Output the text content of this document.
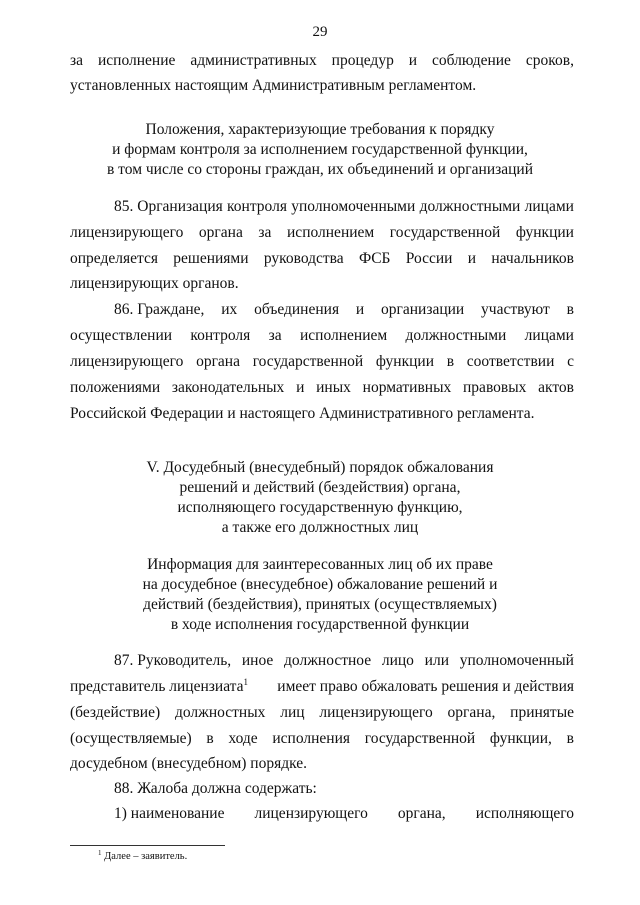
29
за исполнение административных процедур и соблюдение сроков,
установленных настоящим Административным регламентом.
Положения, характеризующие требования к порядку
и формам контроля за исполнением государственной функции,
в том числе со стороны граждан, их объединений и организаций
85. Организация контроля уполномоченными должностными лицами
лицензирующего органа за исполнением государственной функции
определяется решениями руководства ФСБ России и начальников
лицензирующих органов.
86. Граждане, их объединения и организации участвуют в
осуществлении контроля за исполнением должностными лицами
лицензирующего органа государственной функции в соответствии с
положениями законодательных и иных нормативных правовых актов
Российской Федерации и настоящего Административного регламента.
V. Досудебный (внесудебный) порядок обжалования
решений и действий (бездействия) органа,
исполняющего государственную функцию,
а также его должностных лиц
Информация для заинтересованных лиц об их праве
на досудебное (внесудебное) обжалование решений и
действий (бездействия), принятых (осуществляемых)
в ходе исполнения государственной функции
87. Руководитель, иное должностное лицо или уполномоченный
представитель лицензиата$^1$ имеет право обжаловать решения и действия
(бездействие) должностных лиц лицензирующего органа, принятые
(осуществляемые) в ходе исполнения государственной функции, в
досудебном (внесудебном) порядке.
88. Жалоба должна содержать:
1) наименование лицензирующего органа, исполняющего
$^1$ Далее – заявитель.
